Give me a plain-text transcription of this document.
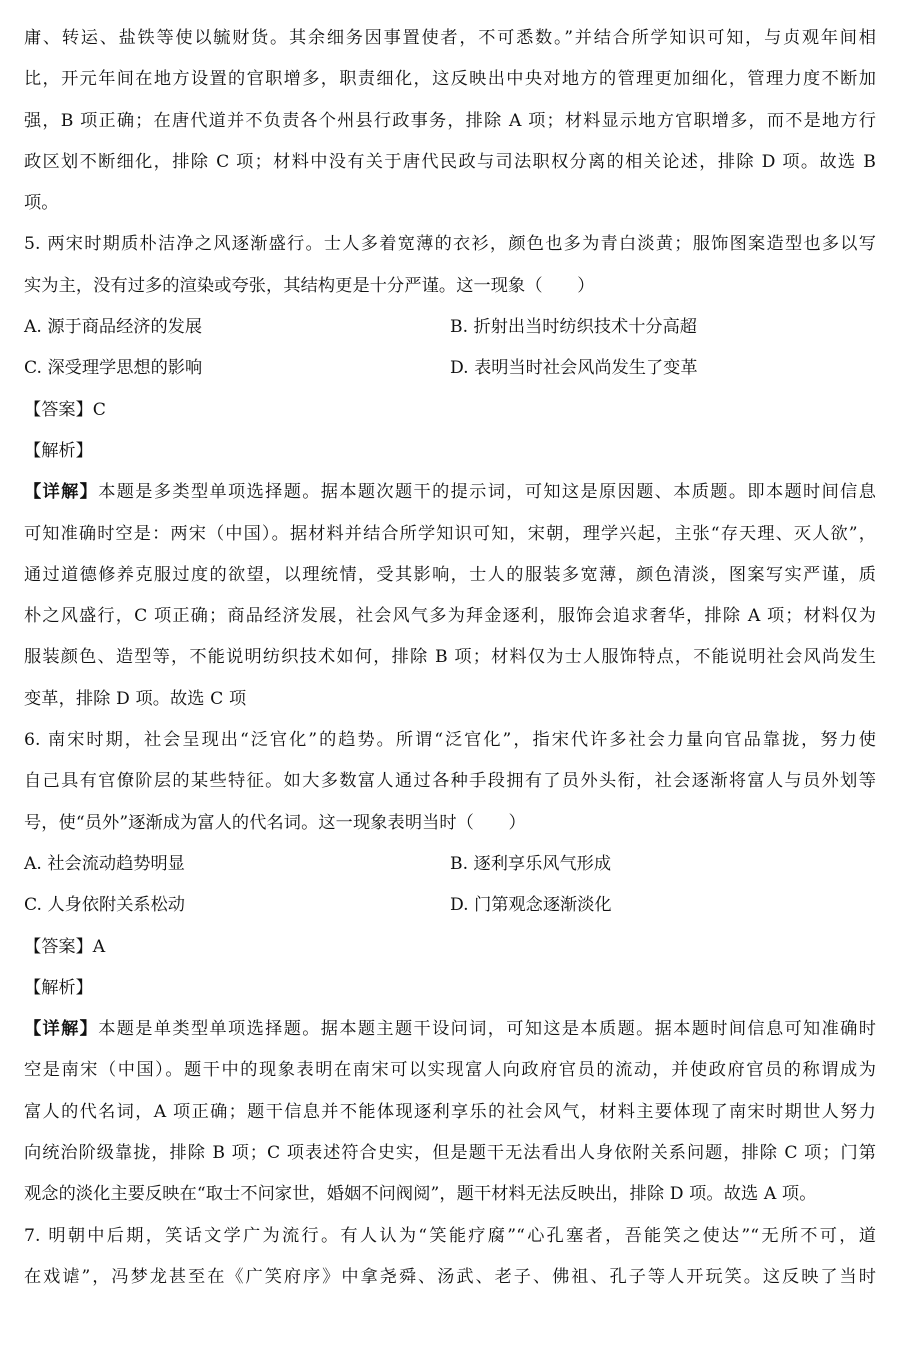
庸、转运、盐铁等使以毓财货。其余细务因事置使者，不可悉数。”并结合所学知识可知，与贞观年间相
比，开元年间在地方设置的官职增多，职责细化，这反映出中央对地方的管理更加细化，管理力度不断加
强，B 项正确；在唐代道并不负责各个州县行政事务，排除 A 项；材料显示地方官职增多，而不是地方行
政区划不断细化，排除 C 项；材料中没有关于唐代民政与司法职权分离的相关论述，排除 D 项。故选 B
项。
5. 两宋时期质朴洁净之风逐渐盛行。士人多着宽薄的衣衫，颜色也多为青白淡黄；服饰图案造型也多以写
实为主，没有过多的渲染或夸张，其结构更是十分严谨。这一现象（　　）
A. 源于商品经济的发展	B. 折射出当时纺织技术十分高超
C. 深受理学思想的影响	D. 表明当时社会风尚发生了变革
【答案】C
【解析】
【详解】本题是多类型单项选择题。据本题次题干的提示词，可知这是原因题、本质题。即本题时间信息
可知准确时空是：两宋（中国）。据材料并结合所学知识可知，宋朝，理学兴起，主张“存天理、灭人欲”，
通过道德修养克服过度的欲望，以理统情，受其影响，士人的服装多宽薄，颜色清淡，图案写实严谨，质
朴之风盛行，C 项正确；商品经济发展，社会风气多为拜金逐利，服饰会追求奢华，排除 A 项；材料仅为
服装颜色、造型等，不能说明纺织技术如何，排除 B 项；材料仅为士人服饰特点，不能说明社会风尚发生
变革，排除 D 项。故选 C 项
6. 南宋时期，社会呈现出“泛官化”的趋势。所谓“泛官化”，指宋代许多社会力量向官品靠拢，努力使
自己具有官僚阶层的某些特征。如大多数富人通过各种手段拥有了员外头衔，社会逐渐将富人与员外划等
号，使“员外”逐渐成为富人的代名词。这一现象表明当时（　　）
A. 社会流动趋势明显	B. 逐利享乐风气形成
C. 人身依附关系松动	D. 门第观念逐渐淡化
【答案】A
【解析】
【详解】本题是单类型单项选择题。据本题主题干设问词，可知这是本质题。据本题时间信息可知准确时
空是南宋（中国）。题干中的现象表明在南宋可以实现富人向政府官员的流动，并使政府官员的称谓成为
富人的代名词，A 项正确；题干信息并不能体现逐利享乐的社会风气，材料主要体现了南宋时期世人努力
向统治阶级靠拢，排除 B 项；C 项表述符合史实，但是题干无法看出人身依附关系问题，排除 C 项；门第
观念的淡化主要反映在“取士不问家世，婚姻不问阀阅”，题干材料无法反映出，排除 D 项。故选 A 项。
7. 明朝中后期，笑话文学广为流行。有人认为“笑能疗腐”“心孔塞者，吾能笑之使达”“无所不可，道
在戏谑”，冯梦龙甚至在《广笑府序》中拿尧舜、汤武、老子、佛祖、孔子等人开玩笑。这反映了当时
